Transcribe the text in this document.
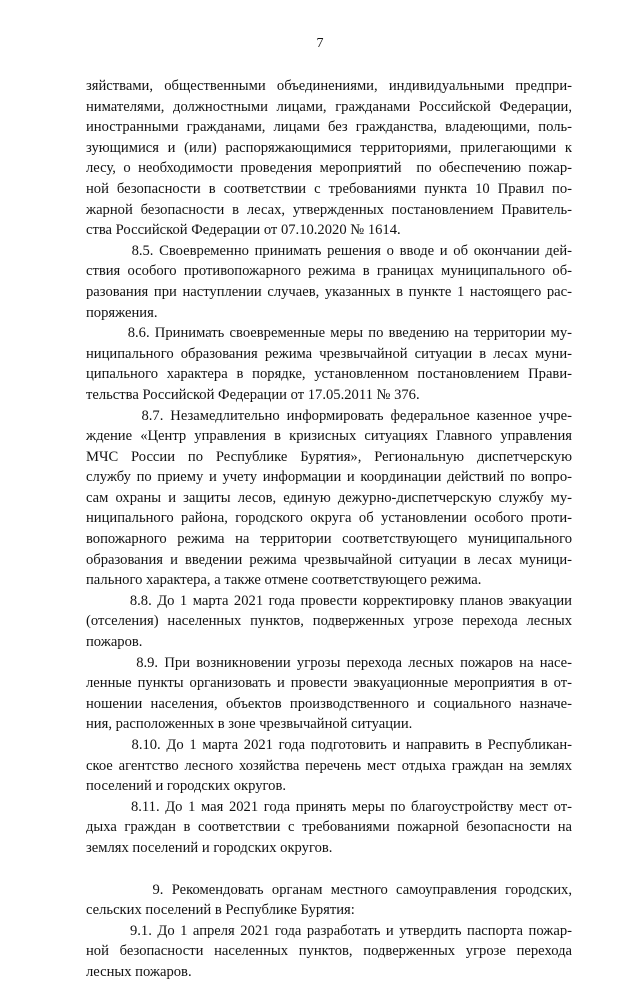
7
зяйствами, общественными объединениями, индивидуальными предпри-
нимателями, должностными лицами, гражданами Российской Федерации,
иностранными гражданами, лицами без гражданства, владеющими, поль-
зующимися и (или) распоряжающимися территориями, прилегающими к
лесу, о необходимости проведения мероприятий  по обеспечению пожар-
ной безопасности в соответствии с требованиями пункта 10 Правил по-
жарной безопасности в лесах, утвержденных постановлением Правитель-
ства Российской Федерации от 07.10.2020 № 1614.
8.5. Своевременно принимать решения о вводе и об окончании дей-
ствия особого противопожарного режима в границах муниципального об-
разования при наступлении случаев, указанных в пункте 1 настоящего рас-
поряжения.
8.6. Принимать своевременные меры по введению на территории му-
ниципального образования режима чрезвычайной ситуации в лесах муни-
ципального характера в порядке, установленном постановлением Прави-
тельства Российской Федерации от 17.05.2011 № 376.
8.7. Незамедлительно информировать федеральное казенное учре-
ждение «Центр управления в кризисных ситуациях Главного управления
МЧС России по Республике Бурятия», Региональную диспетчерскую
службу по приему и учету информации и координации действий по вопро-
сам охраны и защиты лесов, единую дежурно-диспетчерскую службу му-
ниципального района, городского округа об установлении особого проти-
вопожарного режима на территории соответствующего муниципального
образования и введении режима чрезвычайной ситуации в лесах муници-
пального характера, а также отмене соответствующего режима.
8.8. До 1 марта 2021 года провести корректировку планов эвакуации
(отселения) населенных пунктов, подверженных угрозе перехода лесных
пожаров.
8.9. При возникновении угрозы перехода лесных пожаров на насе-
ленные пункты организовать и провести эвакуационные мероприятия в от-
ношении населения, объектов производственного и социального назначе-
ния, расположенных в зоне чрезвычайной ситуации.
8.10. До 1 марта 2021 года подготовить и направить в Республикан-
ское агентство лесного хозяйства перечень мест отдыха граждан на землях
поселений и городских округов.
8.11. До 1 мая 2021 года принять меры по благоустройству мест от-
дыха граждан в соответствии с требованиями пожарной безопасности на
землях поселений и городских округов.
9. Рекомендовать органам местного самоуправления городских,
сельских поселений в Республике Бурятия:
9.1. До 1 апреля 2021 года разработать и утвердить паспорта пожар-
ной безопасности населенных пунктов, подверженных угрозе перехода
лесных пожаров.
